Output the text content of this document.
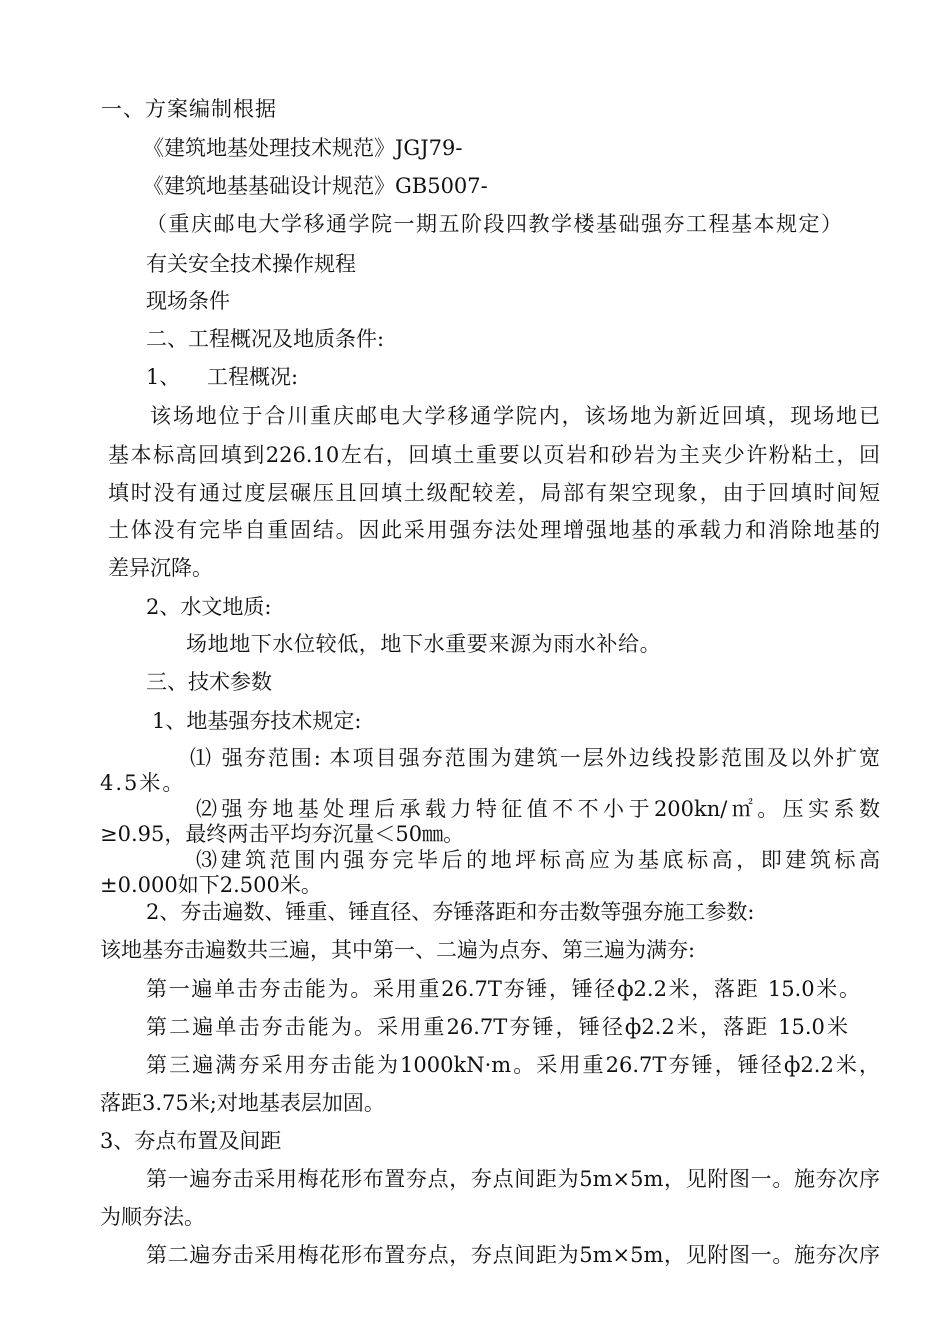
一、方案编制根据
《建筑地基处理技术规范》JGJ79-
《建筑地基基础设计规范》GB5007-
（重庆邮电大学移通学院一期五阶段四教学楼基础强夯工程基本规定）
有关安全技术操作规程
现场条件
二、工程概况及地质条件:
1、    工程概况:
该场地位于合川重庆邮电大学移通学院内，该场地为新近回填，现场地已
基本标高回填到226.10左右，回填土重要以页岩和砂岩为主夹少许粉粘土，回
填时没有通过度层碾压且回填土级配较差，局部有架空现象，由于回填时间短
土体没有完毕自重固结。因此采用强夯法处理增强地基的承载力和消除地基的
差异沉降。
2、水文地质:
场地地下水位较低，地下水重要来源为雨水补给。
三、技术参数
1、地基强夯技术规定:
⑴ 强夯范围: 本项目强夯范围为建筑一层外边线投影范围及以外扩宽
4.5米。
⑵强夯地基处理后承载力特征值不不小于200kn/㎡。压实系数
≥0.95，最终两击平均夯沉量＜50㎜。
⑶建筑范围内强夯完毕后的地坪标高应为基底标高，即建筑标高
±0.000如下2.500米。
2、夯击遍数、锤重、锤直径、夯锤落距和夯击数等强夯施工参数:
该地基夯击遍数共三遍，其中第一、二遍为点夯、第三遍为满夯:
第一遍单击夯击能为。采用重26.7T夯锤，锤径ф2.2米，落距 15.0米。
第二遍单击夯击能为。采用重26.7T夯锤，锤径ф2.2米，落距 15.0米
第三遍满夯采用夯击能为1000kN·m。采用重26.7T夯锤，锤径ф2.2米，
落距3.75米;对地基表层加固。
3、夯点布置及间距
第一遍夯击采用梅花形布置夯点，夯点间距为5m×5m，见附图一。施夯次序
为顺夯法。
第二遍夯击采用梅花形布置夯点，夯点间距为5m×5m，见附图一。施夯次序
